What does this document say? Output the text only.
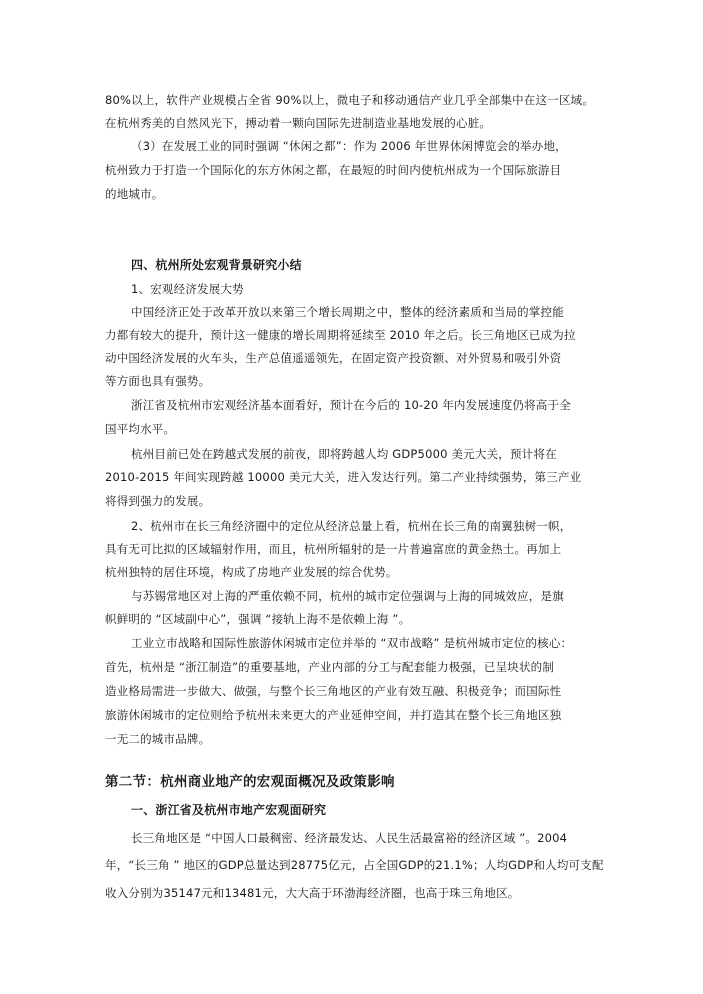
80%以上，软件产业规模占全省 90%以上，微电子和移动通信产业几乎全部集中在这一区域。
在杭州秀美的自然风光下，搏动着一颗向国际先进制造业基地发展的心脏。
（3）在发展工业的同时强调 “休闲之都”：作为 2006 年世界休闲博览会的举办地，
杭州致力于打造一个国际化的东方休闲之都，在最短的时间内使杭州成为一个国际旅游目
的地城市。
四、杭州所处宏观背景研究小结
1、宏观经济发展大势
中国经济正处于改革开放以来第三个增长周期之中，整体的经济素质和当局的掌控能
力都有较大的提升，预计这一健康的增长周期将延续至 2010 年之后。长三角地区已成为拉
动中国经济发展的火车头，生产总值遥遥领先，在固定资产投资额、对外贸易和吸引外资
等方面也具有强势。
浙江省及杭州市宏观经济基本面看好，预计在今后的 10-20 年内发展速度仍将高于全
国平均水平。
杭州目前已处在跨越式发展的前夜，即将跨越人均 GDP5000 美元大关，预计将在
2010-2015 年间实现跨越 10000 美元大关，进入发达行列。第二产业持续强势，第三产业
将得到强力的发展。
2、杭州市在长三角经济圈中的定位从经济总量上看，杭州在长三角的南翼独树一帜，
具有无可比拟的区域辐射作用，而且，杭州所辐射的是一片普遍富庶的黄金热土。再加上
杭州独特的居住环境，构成了房地产业发展的综合优势。
与苏锡常地区对上海的严重依赖不同，杭州的城市定位强调与上海的同城效应，是旗
帜鲜明的 “区域副中心”，强调 “接轨上海不是依赖上海 ”。
工业立市战略和国际性旅游休闲城市定位并举的 “双市战略” 是杭州城市定位的核心：
首先，杭州是 “浙江制造”的重要基地，产业内部的分工与配套能力极强，已呈块状的制
造业格局需进一步做大、做强，与整个长三角地区的产业有效互融、积极竞争；而国际性
旅游休闲城市的定位则给予杭州未来更大的产业延伸空间，并打造其在整个长三角地区独
一无二的城市品牌。
第二节：杭州商业地产的宏观面概况及政策影响
一、浙江省及杭州市地产宏观面研究
长三角地区是 “中国人口最稠密、经济最发达、人民生活最富裕的经济区域 ”。2004
年，“长三角 ” 地区的GDP总量达到28775亿元，占全国GDP的21.1%；人均GDP和人均可支配
收入分别为35147元和13481元，大大高于环渤海经济圈，也高于珠三角地区。
